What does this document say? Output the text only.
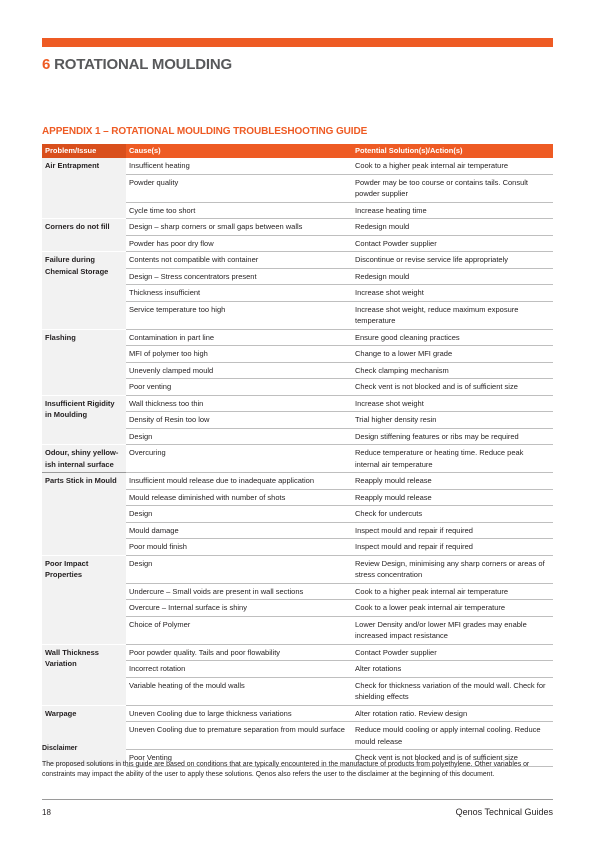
6 ROTATIONAL MOULDING
APPENDIX 1 – ROTATIONAL MOULDING TROUBLESHOOTING GUIDE
Problem/Issue	Cause(s)	Potential Solution(s)/Action(s)
Air Entrapment	Insufficent heating	Cook to a higher peak internal air temperature
	Powder quality	Powder may be too course or contains tails. Consult powder supplier
	Cycle time too short	Increase heating time
Corners do not fill	Design – sharp corners or small gaps between walls	Redesign mould
	Powder has poor dry flow	Contact Powder supplier
Failure during Chemical Storage	Contents not compatible with container	Discontinue or revise service life appropriately
	Design – Stress concentrators present	Redesign mould
	Thickness insufficient	Increase shot weight
	Service temperature too high	Increase shot weight, reduce maximum exposure temperature
Flashing	Contamination in part line	Ensure good cleaning practices
	MFI of polymer too high	Change to a lower MFI grade
	Unevenly clamped mould	Check clamping mechanism
	Poor venting	Check vent is not blocked and is of sufficient size
Insufficient Rigidity in Moulding	Wall thickness too thin	Increase shot weight
	Density of Resin too low	Trial higher density resin
	Design	Design stiffening features or ribs may be required
Odour, shiny yellow-ish internal surface	Overcuring	Reduce temperature or heating time. Reduce peak internal air temperature
Parts Stick in Mould	Insufficient mould release due to inadequate application	Reapply mould release
	Mould release diminished with number of shots	Reapply mould release
	Design	Check for undercuts
	Mould damage	Inspect mould and repair if required
	Poor mould finish	Inspect mould and repair if required
Poor Impact Properties	Design	Review Design, minimising any sharp corners or areas of stress concentration
	Undercure – Small voids are present in wall sections	Cook to a higher peak internal air temperature
	Overcure – Internal surface is shiny	Cook to a lower peak internal air temperature
	Choice of Polymer	Lower Density and/or lower MFI grades may enable increased impact resistance
Wall Thickness Variation	Poor powder quality. Tails and poor flowability	Contact Powder supplier
	Incorrect rotation	Alter rotations
	Variable heating of the mould walls	Check for thickness variation of the mould wall. Check for shielding effects
Warpage	Uneven Cooling due to large thickness variations	Alter rotation ratio. Review design
	Uneven Cooling due to premature separation from mould surface	Reduce mould cooling or apply internal cooling. Reduce mould release
	Poor Venting	Check vent is not blocked and is of sufficient size
Disclaimer
The proposed solutions in this guide are based on conditions that are typically encountered in the manufacture of products from polyethylene. Other variables or constraints may impact the ability of the user to apply these solutions. Qenos also refers the user to the disclaimer at the beginning of this document.
18	Qenos Technical Guides
